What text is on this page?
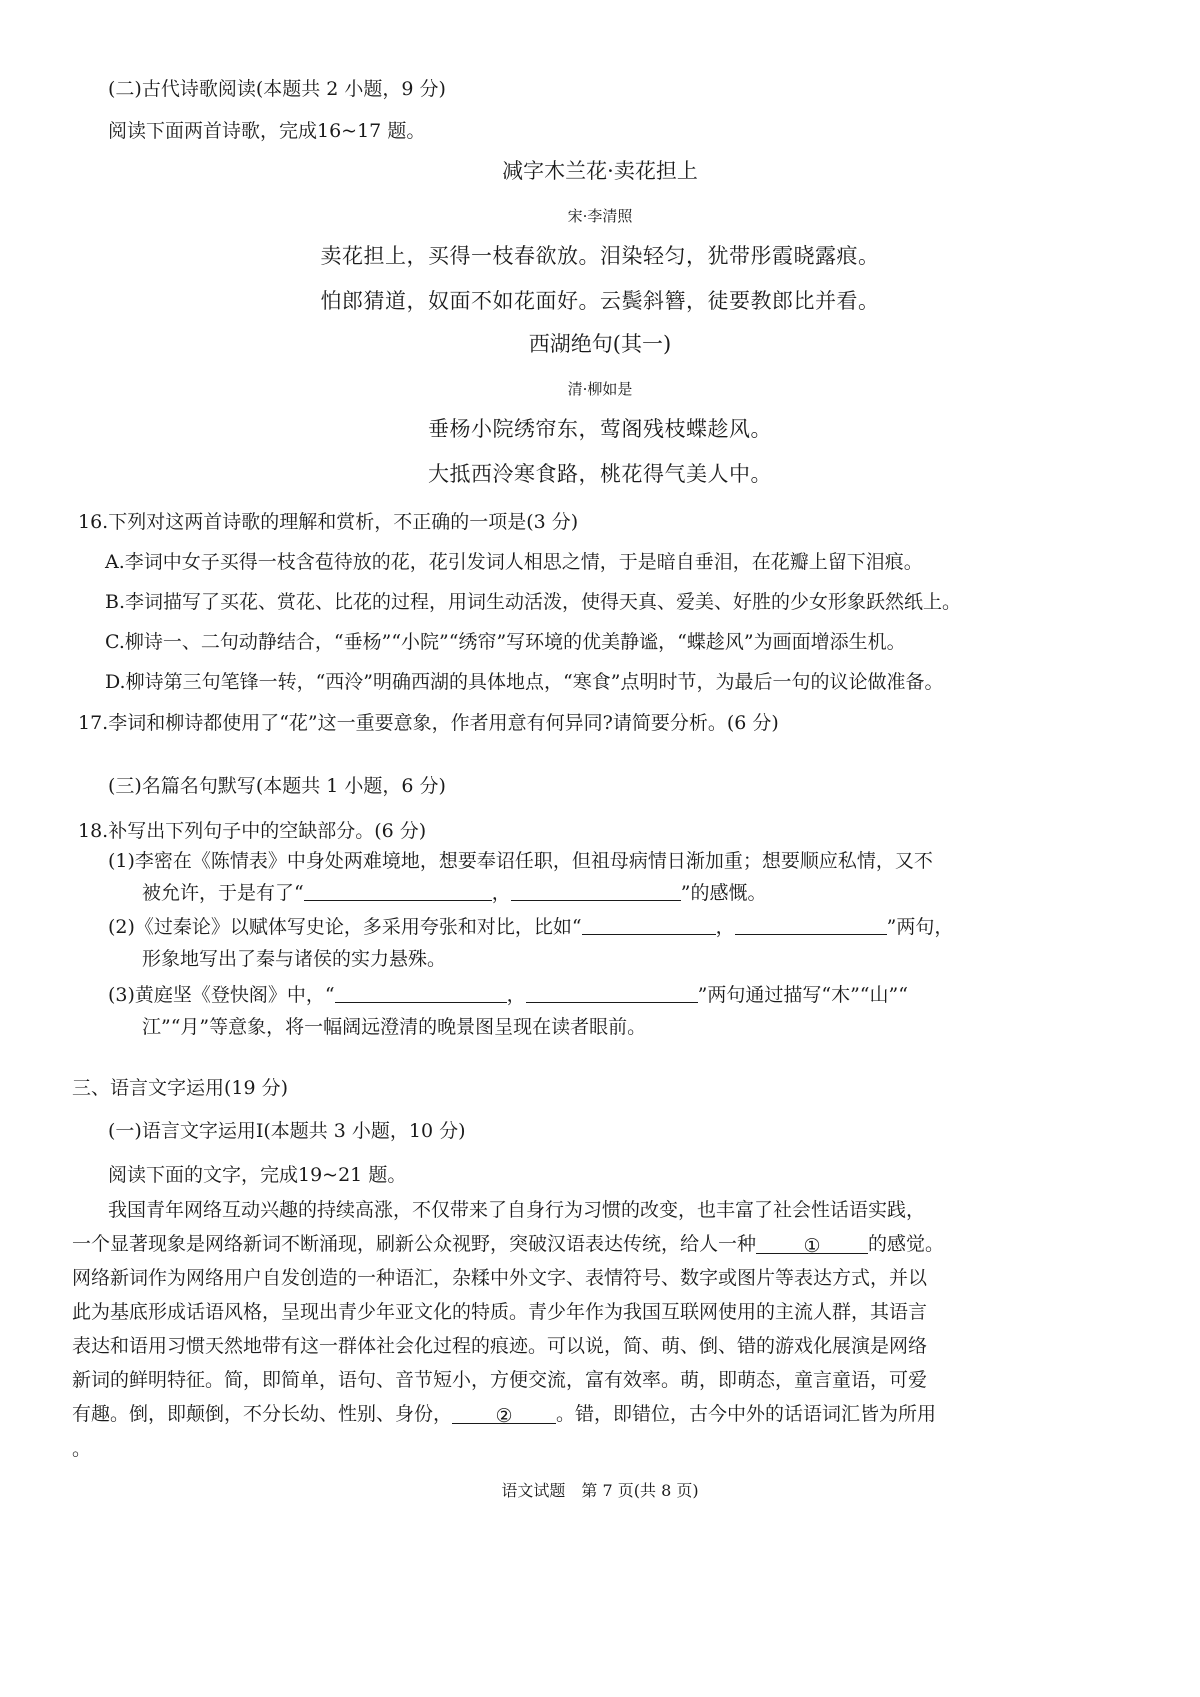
(二)古代诗歌阅读(本题共 2 小题，9 分)
阅读下面两首诗歌，完成16~17 题。
减字木兰花·卖花担上
宋·李清照
卖花担上，买得一枝春欲放。泪染轻匀，犹带彤霞晓露痕。
怕郎猜道，奴面不如花面好。云鬓斜簪，徒要教郎比并看。
西湖绝句(其一)
清·柳如是
垂杨小院绣帘东，莺阁残枝蝶趁风。
大抵西泠寒食路，桃花得气美人中。
16.下列对这两首诗歌的理解和赏析，不正确的一项是(3 分)
A.李词中女子买得一枝含苞待放的花，花引发词人相思之情，于是暗自垂泪，在花瓣上留下泪痕。
B.李词描写了买花、赏花、比花的过程，用词生动活泼，使得天真、爱美、好胜的少女形象跃然纸上。
C.柳诗一、二句动静结合，“垂杨”“小院”“绣帘”写环境的优美静谧，“蝶趁风”为画面增添生机。
D.柳诗第三句笔锋一转，“西泠”明确西湖的具体地点，“寒食”点明时节，为最后一句的议论做准备。
17.李词和柳诗都使用了“花”这一重要意象，作者用意有何异同?请简要分析。(6 分)
(三)名篇名句默写(本题共 1 小题，6 分)
18.补写出下列句子中的空缺部分。(6 分)
(1)李密在《陈情表》中身处两难境地，想要奉诏任职，但祖母病情日渐加重；想要顺应私情，又不
被允许，于是有了“	，	”的感慨。
(2)《过秦论》以赋体写史论，多采用夸张和对比，比如“	，	”两句，
形象地写出了秦与诸侯的实力悬殊。
(3)黄庭坚《登快阁》中，“	，	”两句通过描写“木”“山”“
江”“月”等意象，将一幅阔远澄清的晚景图呈现在读者眼前。
三、语言文字运用(19 分)
(一)语言文字运用Ⅰ(本题共 3 小题，10 分)
阅读下面的文字，完成19~21 题。
我国青年网络互动兴趣的持续高涨，不仅带来了自身行为习惯的改变，也丰富了社会性话语实践，
一个显著现象是网络新词不断涌现，刷新公众视野，突破汉语表达传统，给人一种 ① 的感觉。
网络新词作为网络用户自发创造的一种语汇，杂糅中外文字、表情符号、数字或图片等表达方式，并以
此为基底形成话语风格，呈现出青少年亚文化的特质。青少年作为我国互联网使用的主流人群，其语言
表达和语用习惯天然地带有这一群体社会化过程的痕迹。可以说，简、萌、倒、错的游戏化展演是网络
新词的鲜明特征。简，即简单，语句、音节短小，方便交流，富有效率。萌，即萌态，童言童语，可爱
有趣。倒，即颠倒，不分长幼、性别、身份， ② 。错，即错位，古今中外的话语词汇皆为所用
。
语文试题　第 7 页(共 8 页)
